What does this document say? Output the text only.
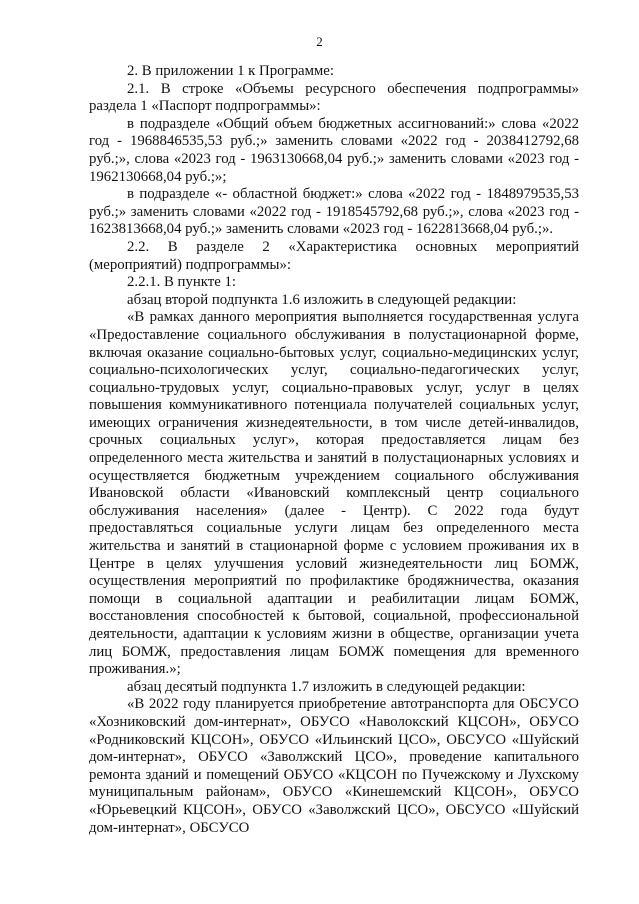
2

2. В приложении 1 к Программе:

2.1. В строке «Объемы ресурсного обеспечения подпрограммы» раздела 1 «Паспорт подпрограммы»:

в подразделе «Общий объем бюджетных ассигнований:» слова «2022 год - 1968846535,53 руб.;» заменить словами «2022 год - 2038412792,68 руб.;», слова «2023 год - 1963130668,04 руб.;» заменить словами «2023 год - 1962130668,04 руб.;»;

в подразделе «- областной бюджет:» слова «2022 год - 1848979535,53 руб.;» заменить словами «2022 год - 1918545792,68 руб.;», слова «2023 год - 1623813668,04 руб.;» заменить словами «2023 год - 1622813668,04 руб.;».

2.2. В разделе 2 «Характеристика основных мероприятий (мероприятий) подпрограммы»:

2.2.1. В пункте 1:

абзац второй подпункта 1.6 изложить в следующей редакции:

«В рамках данного мероприятия выполняется государственная услуга «Предоставление социального обслуживания в полустационарной форме, включая оказание социально-бытовых услуг, социально-медицинских услуг, социально-психологических услуг, социально-педагогических услуг, социально-трудовых услуг, социально-правовых услуг, услуг в целях повышения коммуникативного потенциала получателей социальных услуг, имеющих ограничения жизнедеятельности, в том числе детей-инвалидов, срочных социальных услуг», которая предоставляется лицам без определенного места жительства и занятий в полустационарных условиях и осуществляется бюджетным учреждением социального обслуживания Ивановской области «Ивановский комплексный центр социального обслуживания населения» (далее - Центр). С 2022 года будут предоставляться социальные услуги лицам без определенного места жительства и занятий в стационарной форме с условием проживания их в Центре в целях улучшения условий жизнедеятельности лиц БОМЖ, осуществления мероприятий по профилактике бродяжничества, оказания помощи в социальной адаптации и реабилитации лицам БОМЖ, восстановления способностей к бытовой, социальной, профессиональной деятельности, адаптации к условиям жизни в обществе, организации учета лиц БОМЖ, предоставления лицам БОМЖ помещения для временного проживания.»;

абзац десятый подпункта 1.7 изложить в следующей редакции:

«В 2022 году планируется приобретение автотранспорта для ОБСУСО «Хозниковский дом-интернат», ОБУСО «Наволокский КЦСОН», ОБУСО «Родниковский КЦСОН», ОБУСО «Ильинский ЦСО», ОБСУСО «Шуйский дом-интернат», ОБУСО «Заволжский ЦСО», проведение капитального ремонта зданий и помещений ОБУСО «КЦСОН по Пучежскому и Лухскому муниципальным районам», ОБУСО «Кинешемский КЦСОН», ОБУСО «Юрьевецкий КЦСОН», ОБУСО «Заволжский ЦСО», ОБСУСО «Шуйский дом-интернат», ОБСУСО
